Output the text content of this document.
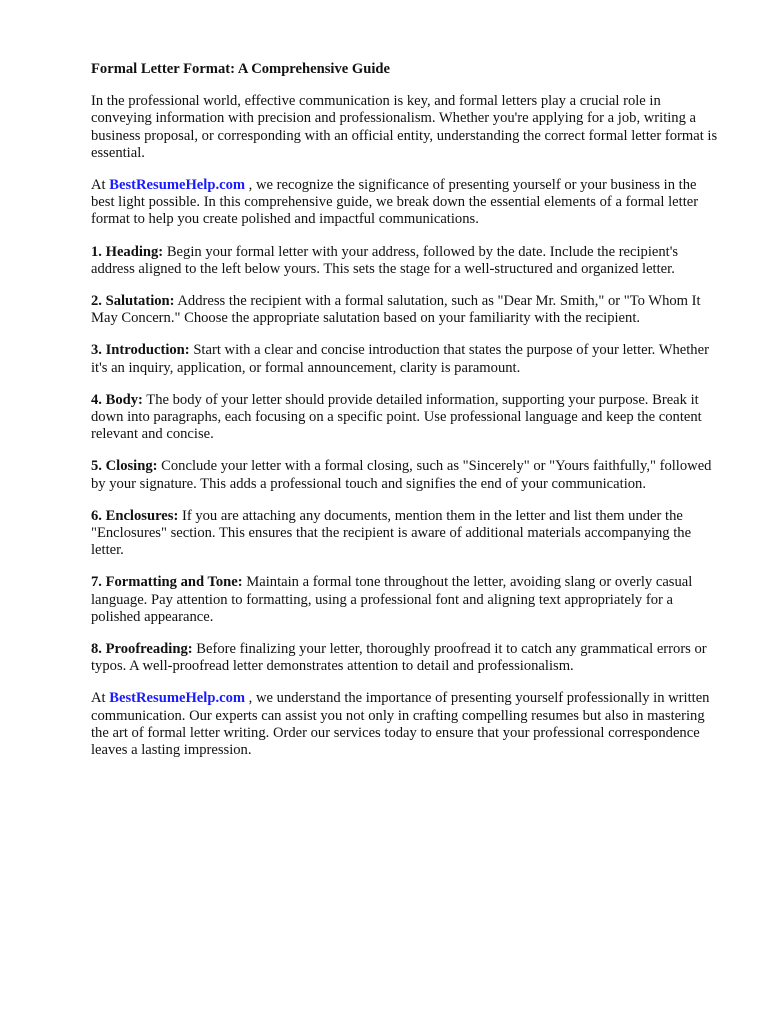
Formal Letter Format: A Comprehensive Guide

In the professional world, effective communication is key, and formal letters play a crucial role in conveying information with precision and professionalism. Whether you're applying for a job, writing a business proposal, or corresponding with an official entity, understanding the correct formal letter format is essential.

At BestResumeHelp.com , we recognize the significance of presenting yourself or your business in the best light possible. In this comprehensive guide, we break down the essential elements of a formal letter format to help you create polished and impactful communications.

1. Heading: Begin your formal letter with your address, followed by the date. Include the recipient's address aligned to the left below yours. This sets the stage for a well-structured and organized letter.

2. Salutation: Address the recipient with a formal salutation, such as "Dear Mr. Smith," or "To Whom It May Concern." Choose the appropriate salutation based on your familiarity with the recipient.

3. Introduction: Start with a clear and concise introduction that states the purpose of your letter. Whether it's an inquiry, application, or formal announcement, clarity is paramount.

4. Body: The body of your letter should provide detailed information, supporting your purpose. Break it down into paragraphs, each focusing on a specific point. Use professional language and keep the content relevant and concise.

5. Closing: Conclude your letter with a formal closing, such as "Sincerely" or "Yours faithfully," followed by your signature. This adds a professional touch and signifies the end of your communication.

6. Enclosures: If you are attaching any documents, mention them in the letter and list them under the "Enclosures" section. This ensures that the recipient is aware of additional materials accompanying the letter.

7. Formatting and Tone: Maintain a formal tone throughout the letter, avoiding slang or overly casual language. Pay attention to formatting, using a professional font and aligning text appropriately for a polished appearance.

8. Proofreading: Before finalizing your letter, thoroughly proofread it to catch any grammatical errors or typos. A well-proofread letter demonstrates attention to detail and professionalism.

At BestResumeHelp.com , we understand the importance of presenting yourself professionally in written communication. Our experts can assist you not only in crafting compelling resumes but also in mastering the art of formal letter writing. Order our services today to ensure that your professional correspondence leaves a lasting impression.
